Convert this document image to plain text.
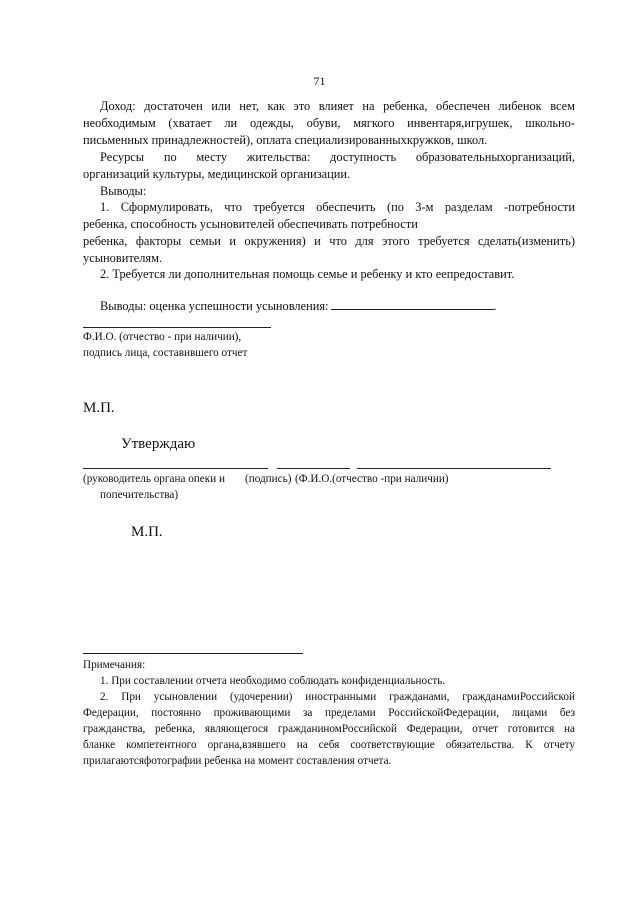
71

Доход: достаточен или нет, как это влияет на ребенка, обеспечен либенок всем

необходимым (хватает ли одежды, обуви, мягкого инвентаря,игрушек, школьно-

письменных принадлежностей), оплата специализированныхкружков, школ.

Ресурсы по месту жительства: доступность образовательныхорганизаций,

организаций культуры, медицинской организации.

Выводы:

1. Сформулировать, что требуется обеспечить (по 3-м разделам -потребности

ребенка, способность усыновителей обеспечивать потребности

ребенка, факторы семьи и окружения) и что для этого требуется сделать(изменить)

усыновителям.

2. Требуется ли дополнительная помощь семье и ребенку и кто еепредоставит.

Выводы: оценка успешности усыновления:	.

Ф.И.О. (отчество - при наличии),
подпись лица, составившего отчет
М.П.
Утверждаю
(руководитель органа опеки и
попечительства)
(подпись) (Ф.И.О.(отчество -при наличии)
М.П.
Примечания:
1. При составлении отчета необходимо соблюдать конфиденциальность.
2. При усыновлении (удочерении) иностранными гражданами, гражданамиРоссийской
Федерации, постоянно проживающими за пределами РоссийскойФедерации, лицами без
гражданства, ребенка, являющегося гражданиномРоссийской Федерации, отчет готовится на
бланке компетентного органа,взявшего на себя соответствующие обязательства. К отчету
прилагаютсяфотографии ребенка на момент составления отчета.
